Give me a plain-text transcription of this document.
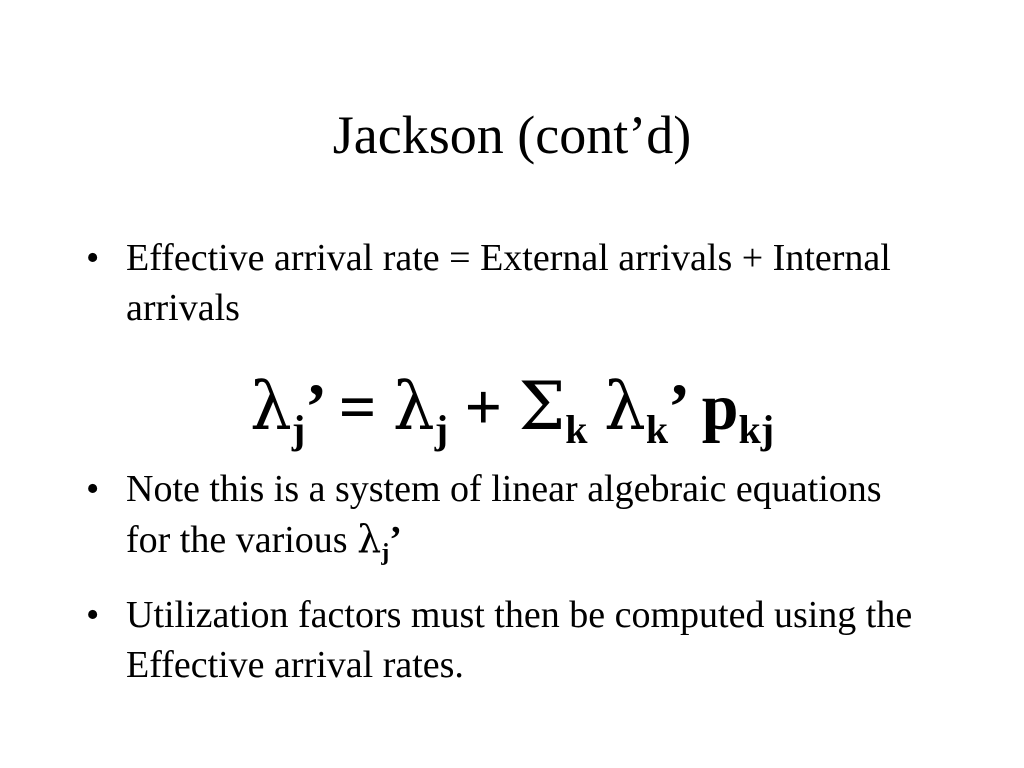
Jackson (cont’d)
• Effective arrival rate = External arrivals + Internal arrivals
$\lambda_j$’ = $\lambda_j + \Sigma_k$ $\lambda_k$’ $p_{kj}$
• Note this is a system of linear algebraic equations for the various $\lambda_j$’
• Utilization factors must then be computed using the Effective arrival rates.
